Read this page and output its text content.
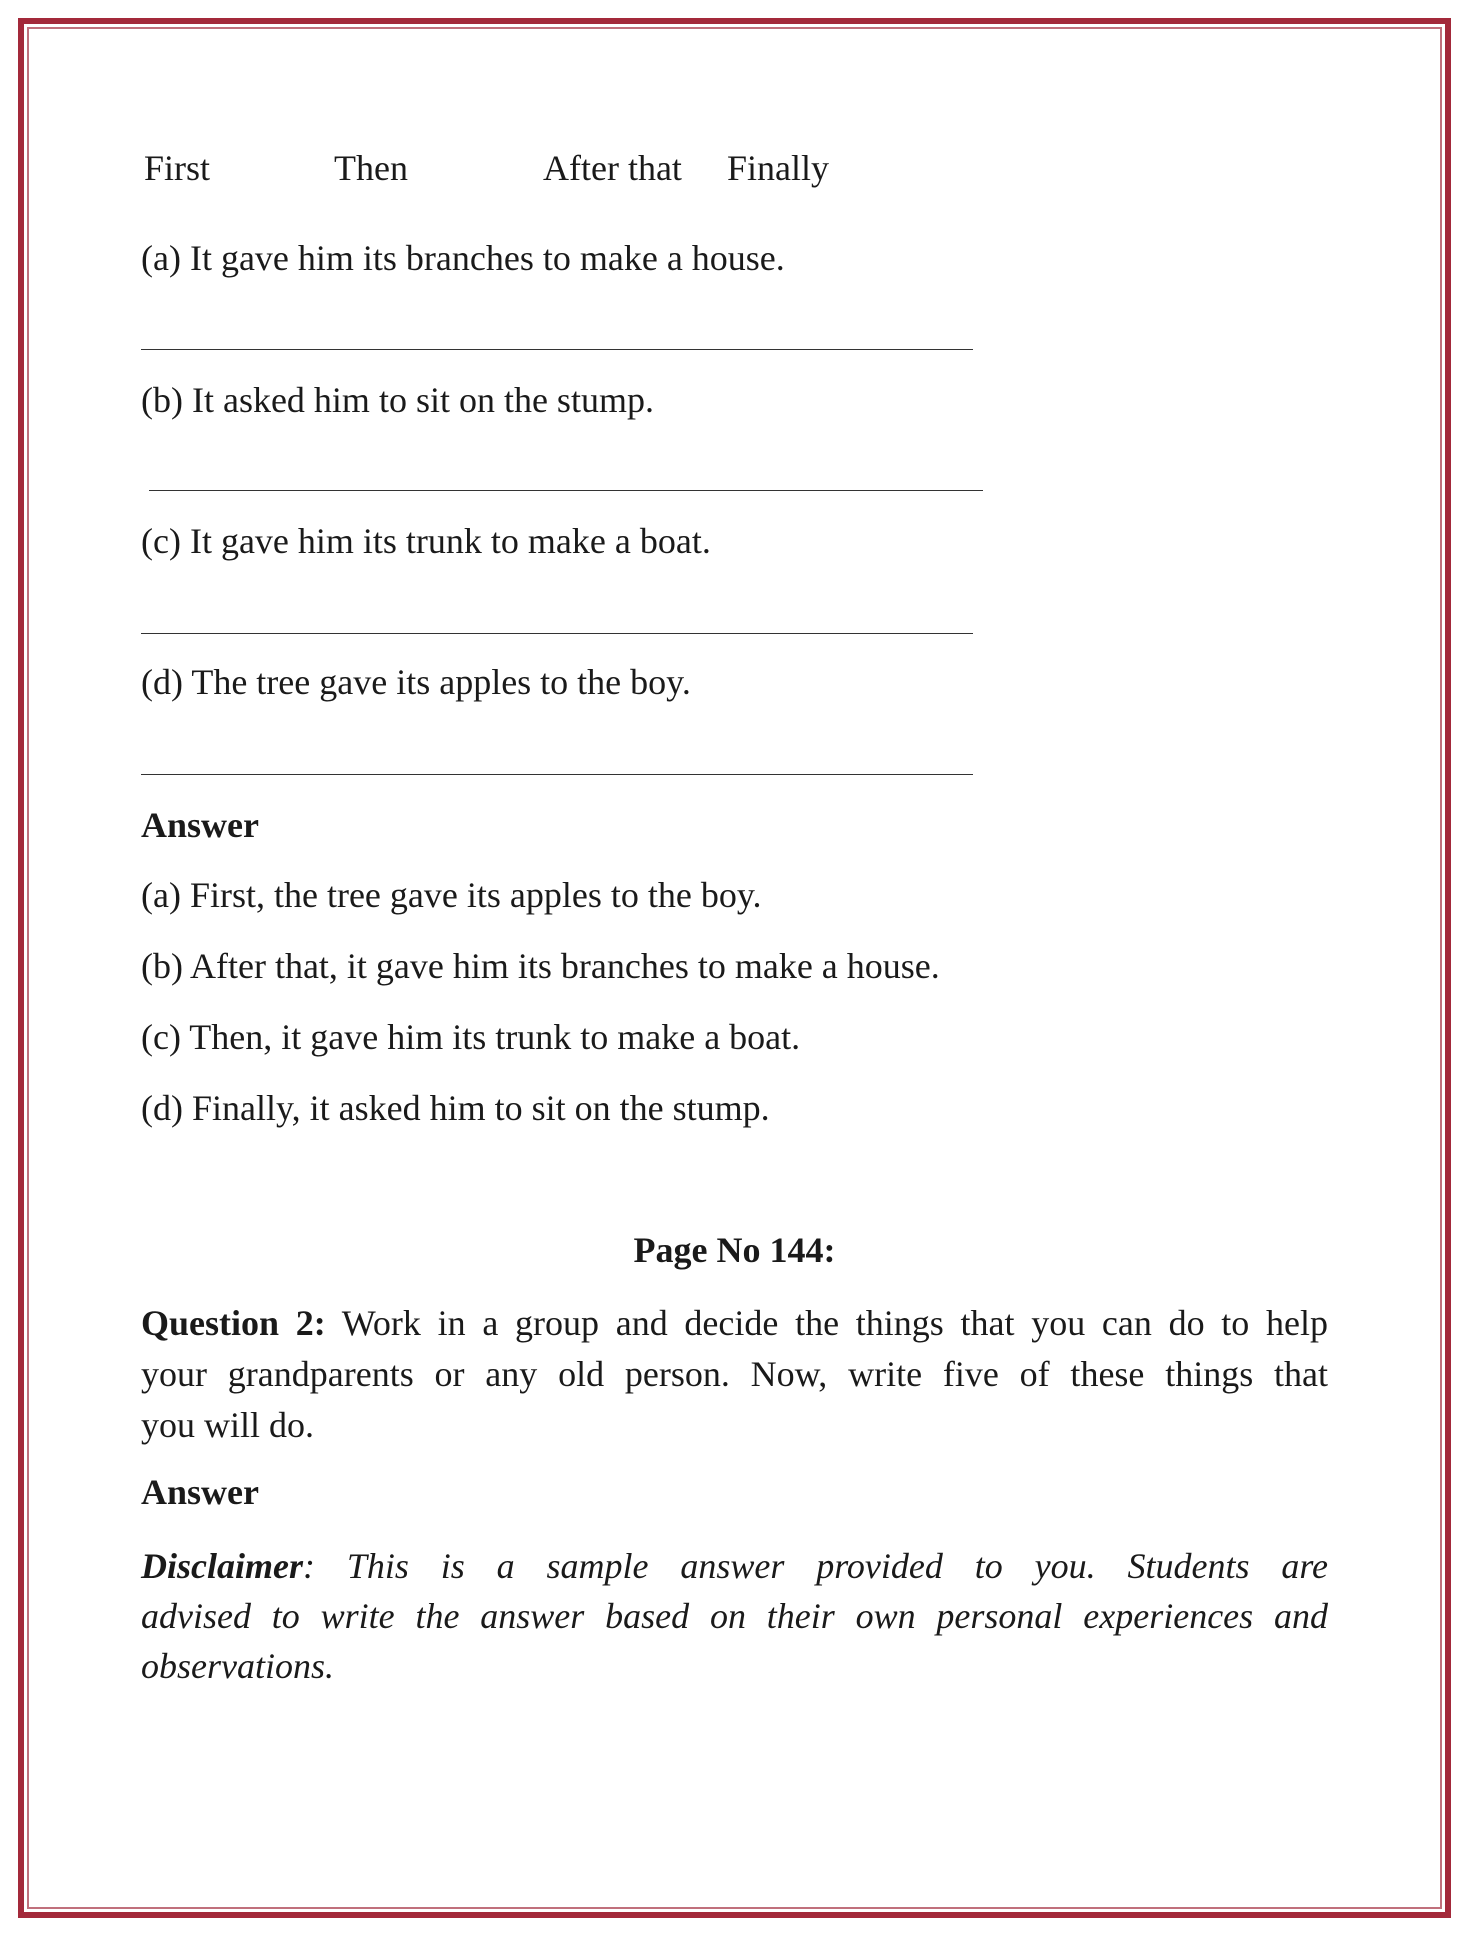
First	Then	After that Finally
(a) It gave him its branches to make a house.
(b) It asked him to sit on the stump.
(c) It gave him its trunk to make a boat.
(d) The tree gave its apples to the boy.
Answer
(a) First, the tree gave its apples to the boy.
(b) After that, it gave him its branches to make a house.
(c) Then, it gave him its trunk to make a boat.
(d) Finally, it asked him to sit on the stump.
Page No 144:
Question 2: Work in a group and decide the things that you can do to help
your grandparents or any old person. Now, write five of these things that
you will do.
Answer
Disclaimer: This is a sample answer provided to you. Students are
advised to write the answer based on their own personal experiences and
observations.
